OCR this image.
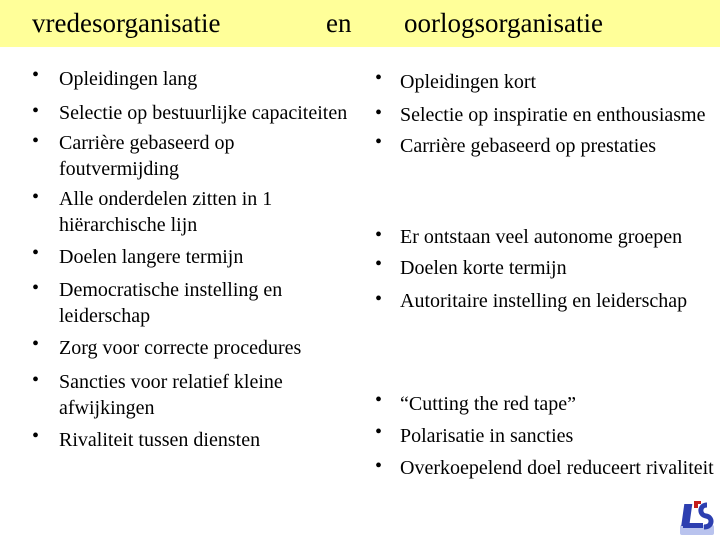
vredesorganisatie	en oorlogsorganisatie
• Opleidingen lang
• Selectie op bestuurlijke capaciteiten
• Carrière gebaseerd op foutvermijding
• Alle onderdelen zitten in 1 hiërarchische lijn
• Doelen langere termijn
• Democratische instelling en leiderschap
• Zorg voor correcte procedures
• Sancties voor relatief kleine afwijkingen
• Rivaliteit tussen diensten
• Opleidingen kort
• Selectie op inspiratie en enthousiasme
• Carrière gebaseerd op prestaties
• Er ontstaan veel autonome groepen
• Doelen korte termijn
• Autoritaire instelling en leiderschap
• “Cutting the red tape”
• Polarisatie in sancties
• Overkoepelend doel reduceert rivaliteit
